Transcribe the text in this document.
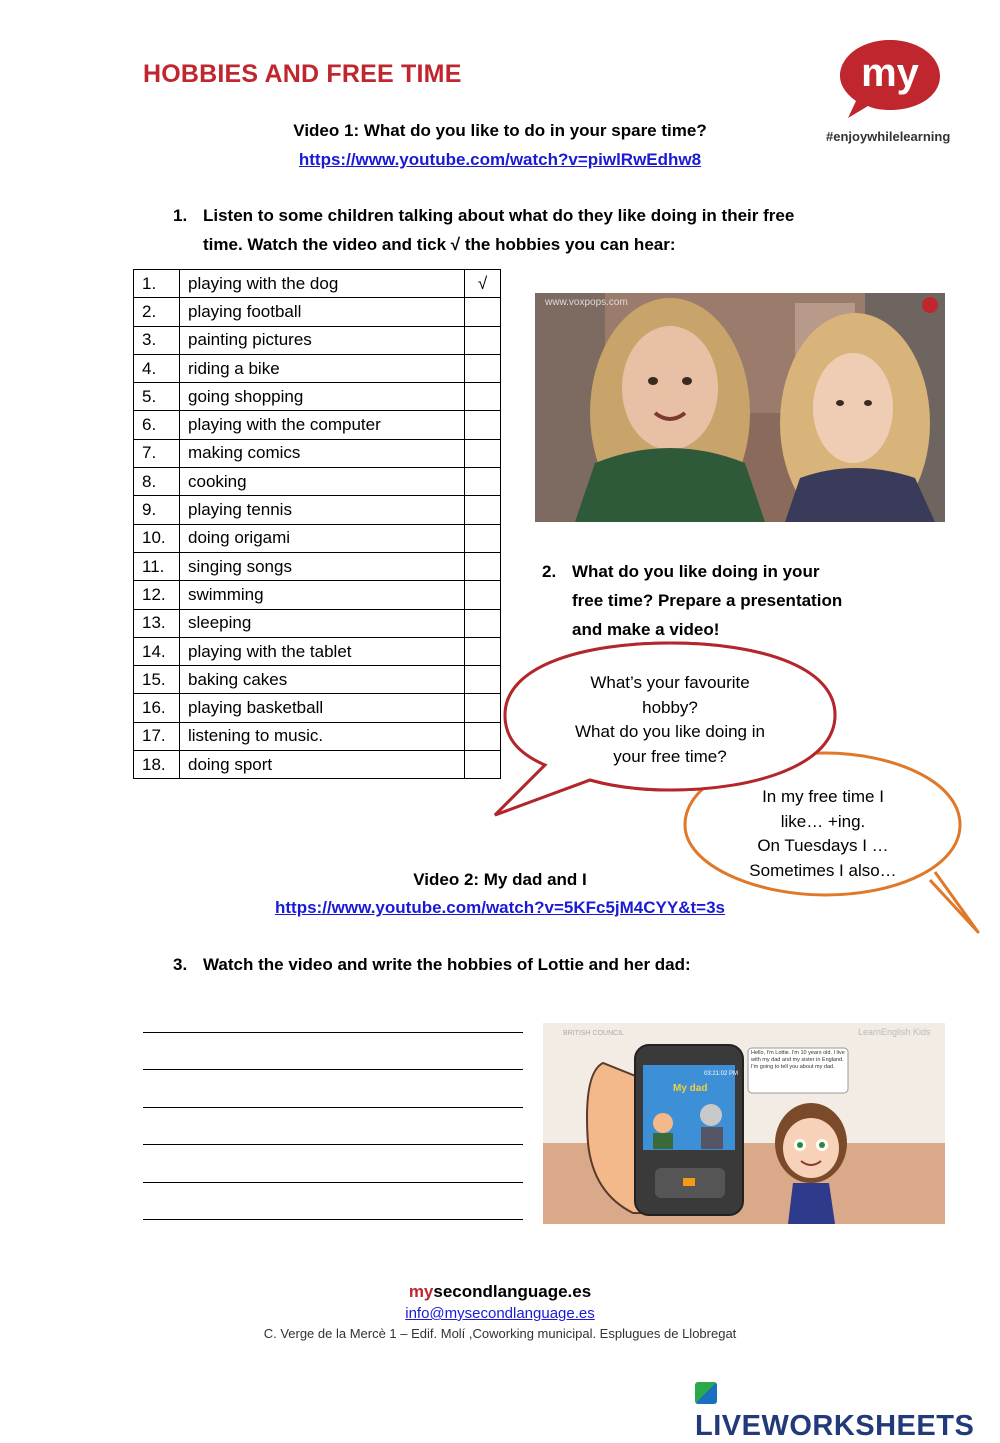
HOBBIES AND FREE TIME	my
#enjoywhilelearning
Video 1: What do you like to do in your spare time?
https://www.youtube.com/watch?v=piwlRwEdhw8
1. Listen to some children talking about what do they like doing in their free
time. Watch the video and tick √ the hobbies you can hear:
1.	playing with the dog	√
2.	playing football	
3.	painting pictures	
4.	riding a bike	
5.	going shopping	
6.	playing with the computer	
7.	making comics	
8.	cooking	
9.	playing tennis	
10.	doing origami	
11.	singing songs	
12.	swimming	
13.	sleeping	
14.	playing with the tablet	
15.	baking cakes	
16.	playing basketball	
17.	listening to music.	
18.	doing sport	
www.voxpops.com
2. What do you like doing in your
free time? Prepare a presentation
and make a video!
What’s your favourite
hobby?
What do you like doing in
your free time?
In my free time I
like… +ing.
On Tuesdays I …
Sometimes I also…
Video 2: My dad and I
https://www.youtube.com/watch?v=5KFc5jM4CYY&t=3s
3. Watch the video and write the hobbies of Lottie and her dad:
BRITISH COUNCIL	LearnEnglish Kids
03:21:02 PM
My dad
Hello, I'm Lottie. I'm 10 years old. I live with my dad and my sister in England. I'm going to tell you about my dad.
mysecondlanguage.es
info@mysecondlanguage.es
C. Verge de la Mercè 1 – Edif. Molí ,Coworking municipal. Esplugues de Llobregat
LIVEWORKSHEETS
